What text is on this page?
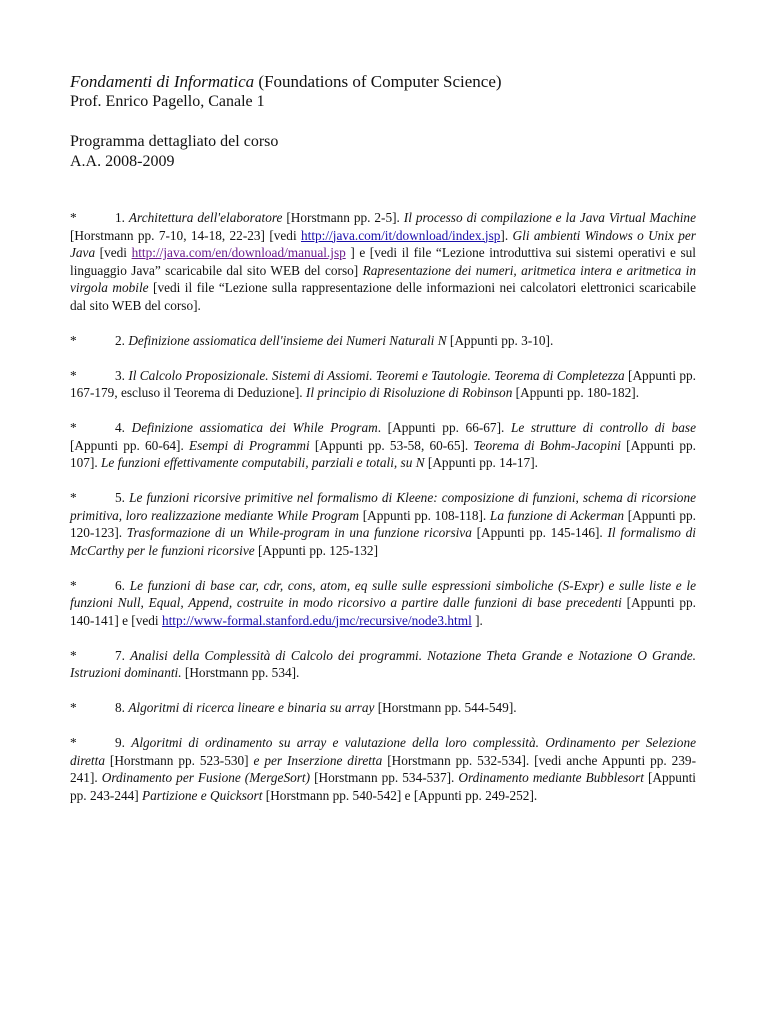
Fondamenti di Informatica (Foundations of Computer Science)

Prof. Enrico Pagello, Canale 1

Programma dettagliato del corso

A.A. 2008-2009

*	1. Architettura dell'elaboratore [Horstmann pp. 2-5]. Il processo di compilazione e la Java Virtual Machine [Horstmann pp. 7-10, 14-18, 22-23] [vedi http://java.com/it/download/index.jsp]. Gli ambienti Windows o Unix per Java [vedi http://java.com/en/download/manual.jsp ] e [vedi il file “Lezione introduttiva sui sistemi operativi e sul linguaggio Java” scaricabile dal sito WEB del corso] Rapresentazione dei numeri, aritmetica intera e aritmetica in virgola mobile [vedi il file “Lezione sulla rappresentazione delle informazioni nei calcolatori elettronici scaricabile dal sito WEB del corso].

*	2. Definizione assiomatica dell'insieme dei Numeri Naturali N [Appunti pp. 3-10].

*	3. Il Calcolo Proposizionale. Sistemi di Assiomi. Teoremi e Tautologie. Teorema di Completezza [Appunti pp. 167-179, escluso il Teorema di Deduzione]. Il principio di Risoluzione di Robinson [Appunti pp. 180-182].

*	4. Definizione assiomatica dei While Program. [Appunti pp. 66-67]. Le strutture di controllo di base [Appunti pp. 60-64]. Esempi di Programmi [Appunti pp. 53-58, 60-65]. Teorema di Bohm-Jacopini [Appunti pp. 107]. Le funzioni effettivamente computabili, parziali e totali, su N [Appunti pp. 14-17].

*	5. Le funzioni ricorsive primitive nel formalismo di Kleene: composizione di funzioni, schema di ricorsione primitiva, loro realizzazione mediante While Program [Appunti pp. 108-118]. La funzione di Ackerman [Appunti pp. 120-123]. Trasformazione di un While-program in una funzione ricorsiva [Appunti pp. 145-146]. Il formalismo di McCarthy per le funzioni ricorsive [Appunti pp. 125-132]

*	6. Le funzioni di base car, cdr, cons, atom, eq sulle sulle espressioni simboliche (S-Expr) e sulle liste e le funzioni Null, Equal, Append, costruite in modo ricorsivo a partire dalle funzioni di base precedenti [Appunti pp. 140-141] e [vedi http://www-formal.stanford.edu/jmc/recursive/node3.html ].

*	7. Analisi della Complessità di Calcolo dei programmi. Notazione Theta Grande e Notazione O Grande. Istruzioni dominanti. [Horstmann pp. 534].

*	8. Algoritmi di ricerca lineare e binaria su array [Horstmann pp. 544-549].

*	9. Algoritmi di ordinamento su array e valutazione della loro complessità. Ordinamento per Selezione diretta [Horstmann pp. 523-530] e per Inserzione diretta [Horstmann pp. 532-534]. [vedi anche Appunti pp. 239-241]. Ordinamento per Fusione (MergeSort) [Horstmann pp. 534-537]. Ordinamento mediante Bubblesort [Appunti pp. 243-244] Partizione e Quicksort [Horstmann pp. 540-542] e [Appunti pp. 249-252].
